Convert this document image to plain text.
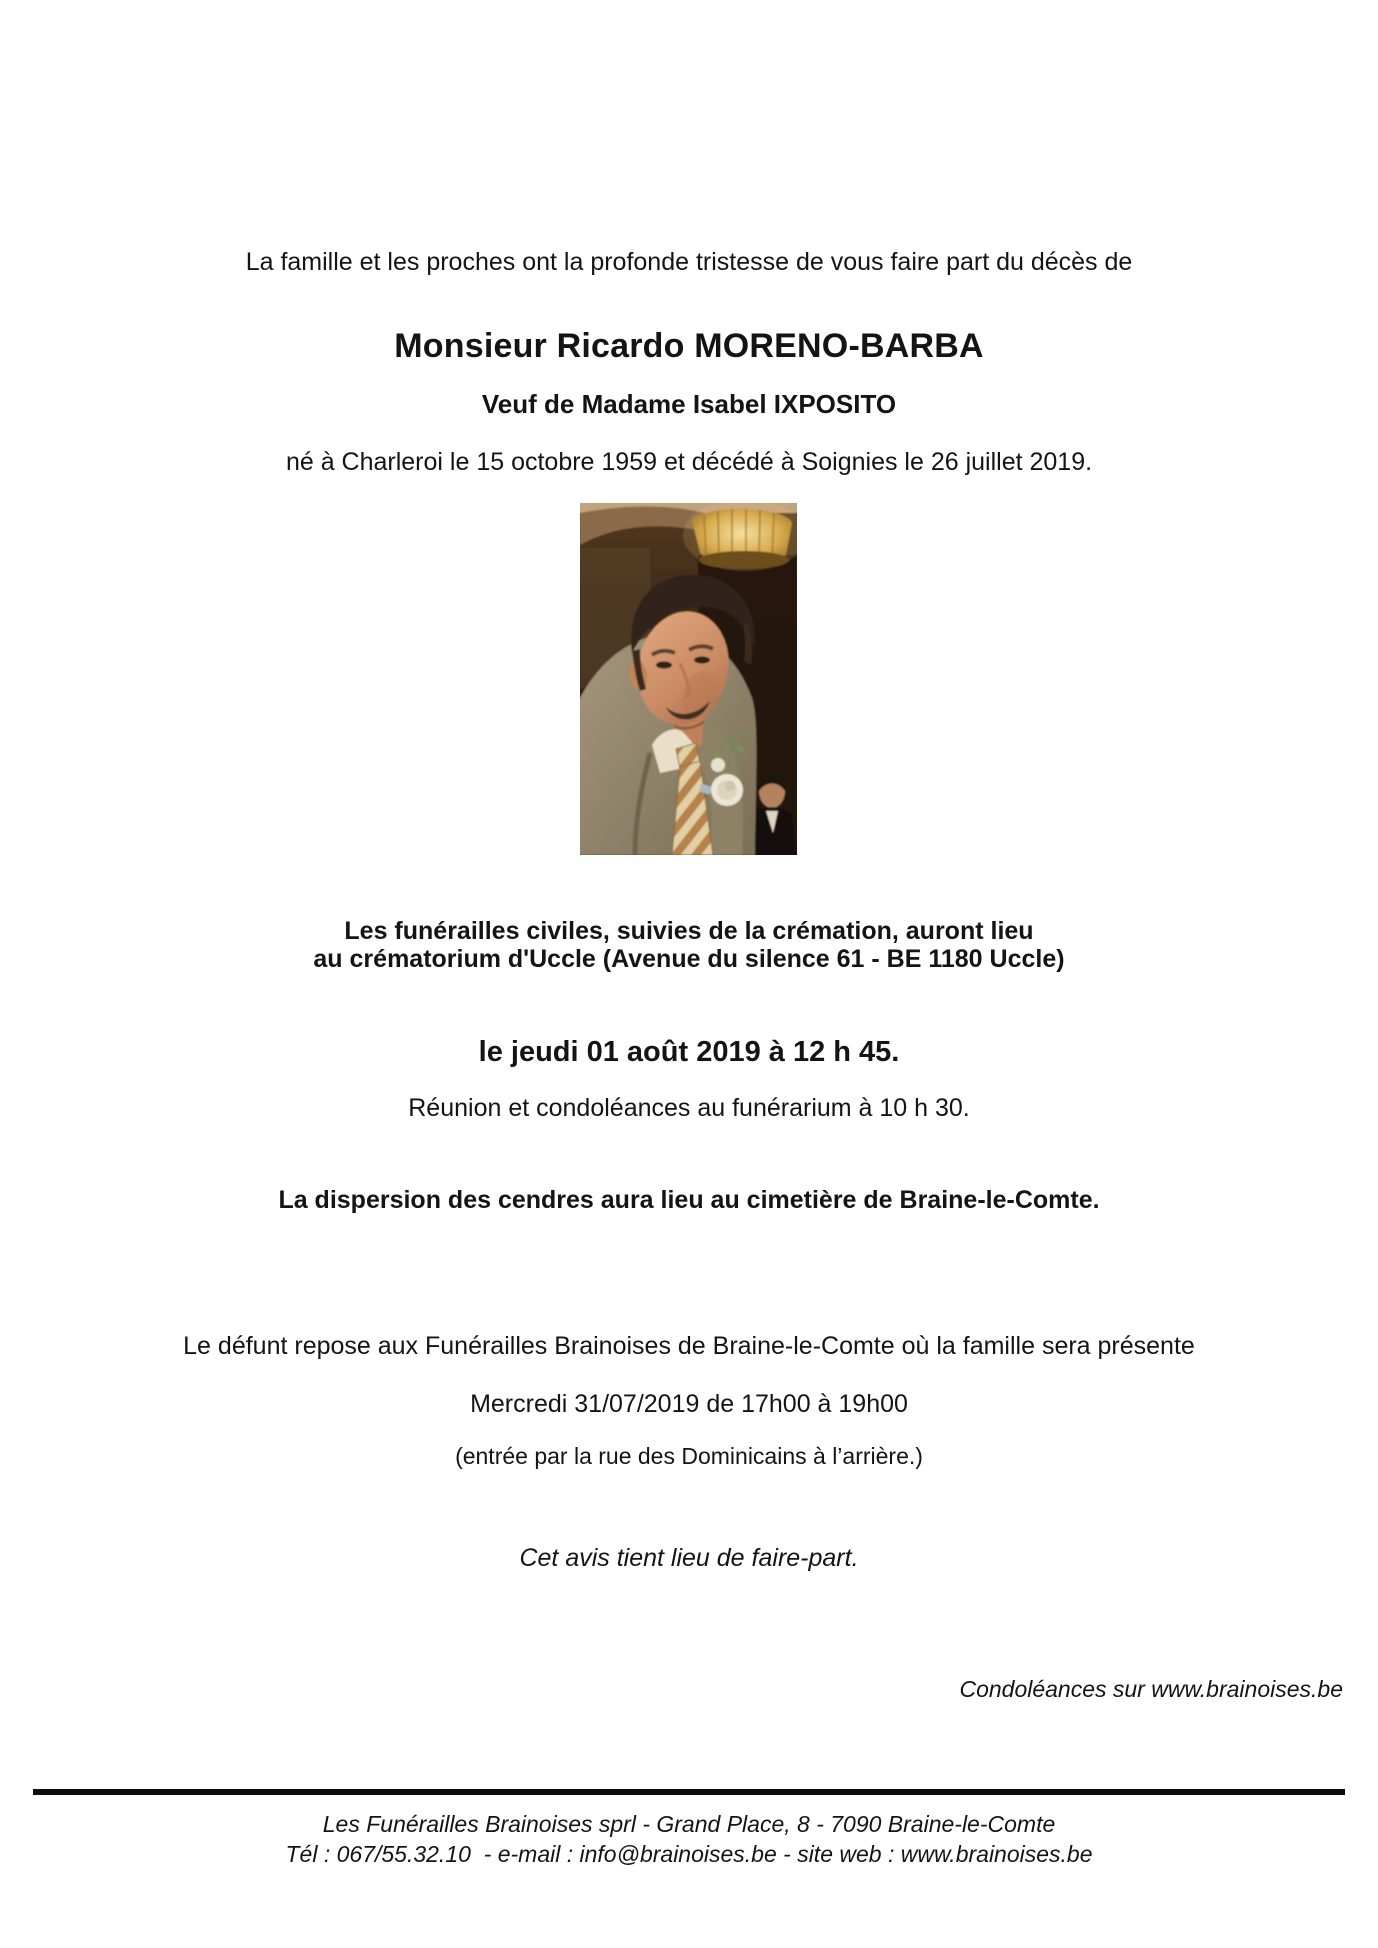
La famille et les proches ont la profonde tristesse de vous faire part du décès de
Monsieur Ricardo MORENO-BARBA
Veuf de Madame Isabel IXPOSITO
né à Charleroi le 15 octobre 1959 et décédé à Soignies le 26 juillet 2019.
Les funérailles civiles, suivies de la crémation, auront lieu
au crématorium d'Uccle (Avenue du silence 61 - BE 1180 Uccle)
le jeudi 01 août 2019 à 12 h 45.
Réunion et condoléances au funérarium à 10 h 30.
La dispersion des cendres aura lieu au cimetière de Braine-le-Comte.
Le défunt repose aux Funérailles Brainoises de Braine-le-Comte où la famille sera présente
Mercredi 31/07/2019 de 17h00 à 19h00
(entrée par la rue des Dominicains à l’arrière.)
Cet avis tient lieu de faire-part.
Condoléances sur www.brainoises.be
Les Funérailles Brainoises sprl - Grand Place, 8 - 7090 Braine-le-Comte
Tél : 067/55.32.10  - e-mail : info@brainoises.be - site web : www.brainoises.be
